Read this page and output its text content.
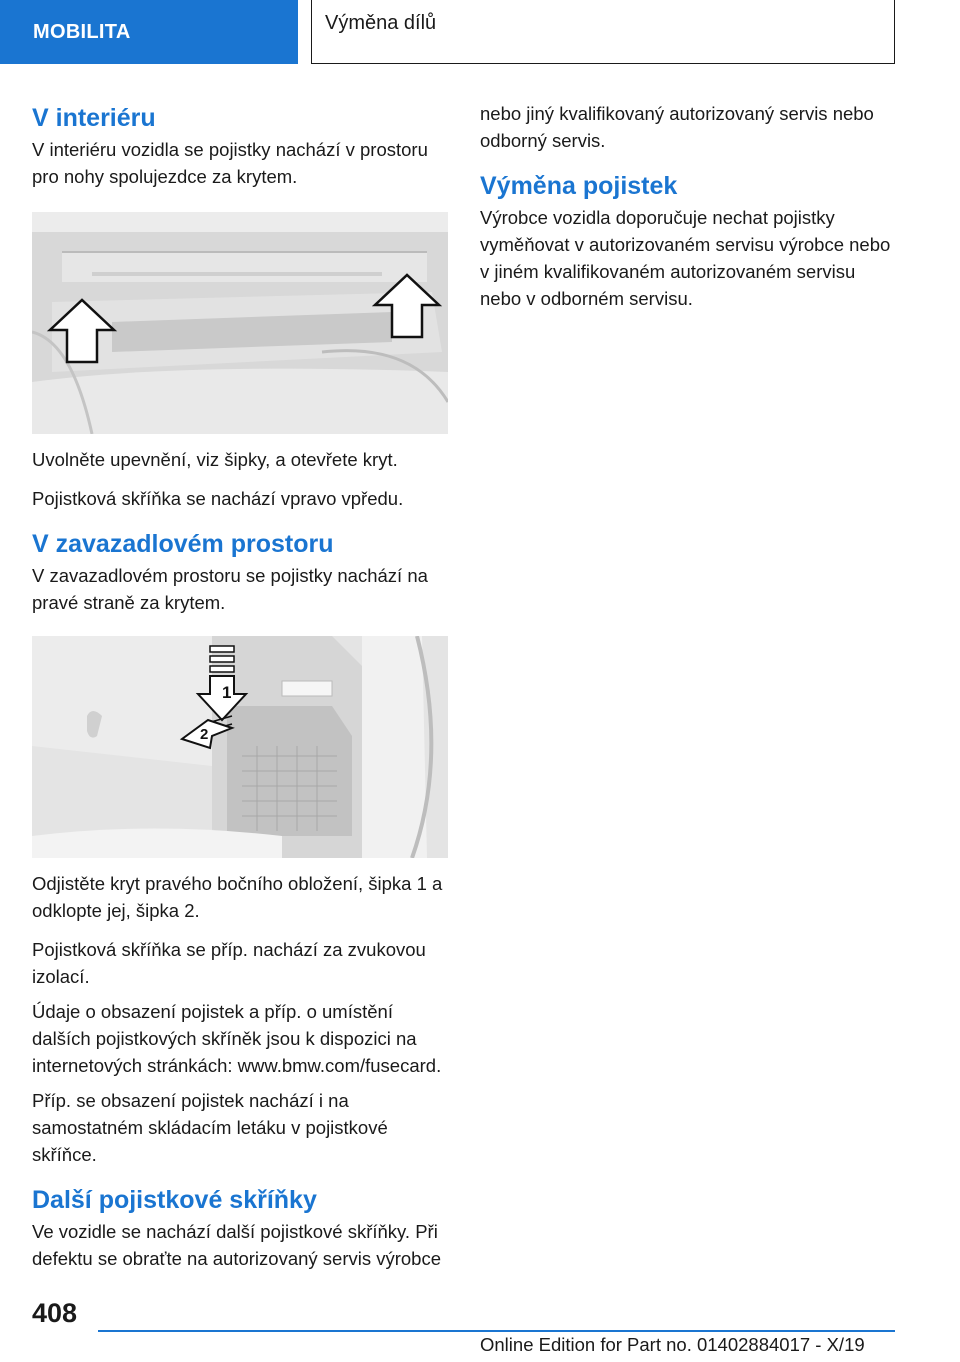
MOBILITA	Výměna dílů
V interiéru

V interiéru vozidla se pojistky nachází v prostoru pro nohy spolujezdce za krytem.

Uvolněte upevnění, viz šipky, a otevřete kryt.

Pojistková skříňka se nachází vpravo vpředu.

V zavazadlovém prostoru

V zavazadlovém prostoru se pojistky nachází na pravé straně za krytem.

1
2

Odjistěte kryt pravého bočního obložení, šipka 1 a odklopte jej, šipka 2.

Pojistková skříňka se příp. nachází za zvukovou izolací.

Údaje o obsazení pojistek a příp. o umístění dalších pojistkových skříněk jsou k dispozici na internetových stránkách: www.bmw.com/fusecard.

Příp. se obsazení pojistek nachází i na samostatném skládacím letáku v pojistkové skříňce.

Další pojistkové skříňky

Ve vozidle se nachází další pojistkové skříňky. Při defektu se obraťte na autorizovaný servis výrobce

nebo jiný kvalifikovaný autorizovaný servis nebo odborný servis.

Výměna pojistek

Výrobce vozidla doporučuje nechat pojistky vyměňovat v autorizovaném servisu výrobce nebo v jiném kvalifikovaném autorizovaném servisu nebo v odborném servisu.

408
Online Edition for Part no. 01402884017 - X/19
